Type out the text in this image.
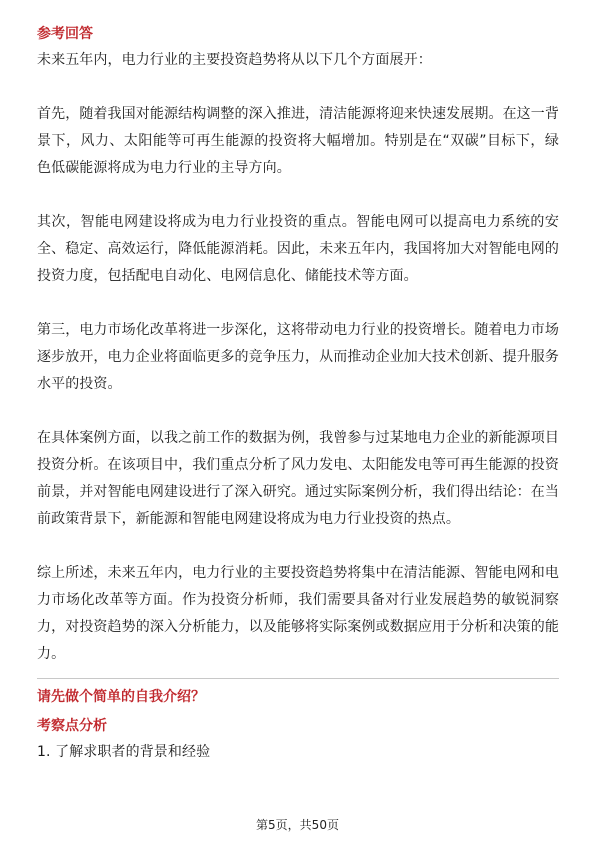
参考回答

未来五年内，电力行业的主要投资趋势将从以下几个方面展开：

首先，随着我国对能源结构调整的深入推进，清洁能源将迎来快速发展期。在这一背景下，风力、太阳能等可再生能源的投资将大幅增加。特别是在“双碳”目标下，绿色低碳能源将成为电力行业的主导方向。

其次，智能电网建设将成为电力行业投资的重点。智能电网可以提高电力系统的安全、稳定、高效运行，降低能源消耗。因此，未来五年内，我国将加大对智能电网的投资力度，包括配电自动化、电网信息化、储能技术等方面。

第三，电力市场化改革将进一步深化，这将带动电力行业的投资增长。随着电力市场逐步放开，电力企业将面临更多的竞争压力，从而推动企业加大技术创新、提升服务水平的投资。

在具体案例方面，以我之前工作的数据为例，我曾参与过某地电力企业的新能源项目投资分析。在该项目中，我们重点分析了风力发电、太阳能发电等可再生能源的投资前景，并对智能电网建设进行了深入研究。通过实际案例分析，我们得出结论：在当前政策背景下，新能源和智能电网建设将成为电力行业投资的热点。

综上所述，未来五年内，电力行业的主要投资趋势将集中在清洁能源、智能电网和电力市场化改革等方面。作为投资分析师，我们需要具备对行业发展趋势的敏锐洞察力，对投资趋势的深入分析能力，以及能够将实际案例或数据应用于分析和决策的能力。

请先做个简单的自我介绍？

考察点分析

1. 了解求职者的背景和经验

第5页，共50页
